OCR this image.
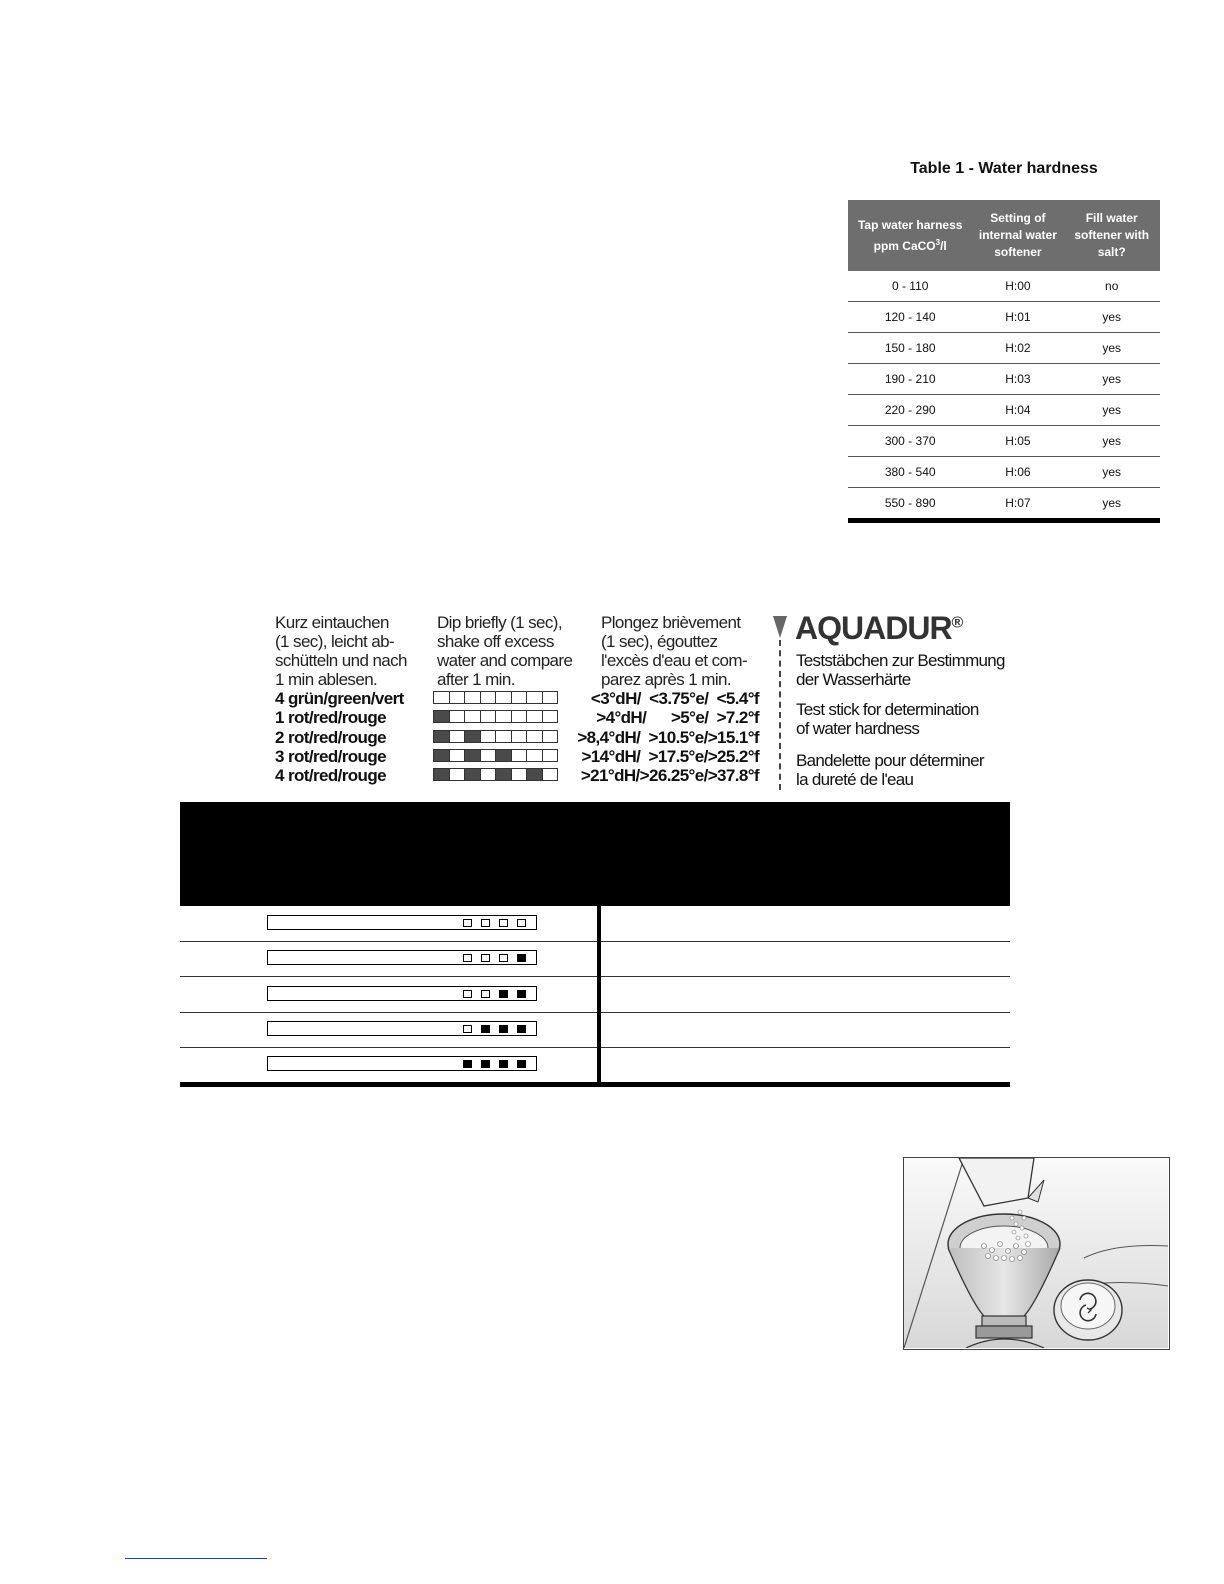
Table 1 - Water hardness
Tap water harness
ppm CaCO$^3$/l	Setting of internal water softener	Fill water softener with salt?
0 - 110	H:00	no
120 - 140	H:01	yes
150 - 180	H:02	yes
190 - 210	H:03	yes
220 - 290	H:04	yes
300 - 370	H:05	yes
380 - 540	H:06	yes
550 - 890	H:07	yes
Kurz eintauchen
(1 sec), leicht ab-
schütteln und nach
1 min ablesen.
Dip briefly (1 sec),
shake off excess
water and compare
after 1 min.
Plongez brièvement
(1 sec), égouttez
l'excès d'eau et com-
parez après 1 min.
4 grün/green/vert	<3°dH/  <3.75°e/  <5.4°f
1 rot/red/rouge	>4°dH/      >5°e/  >7.2°f
2 rot/red/rouge	>8,4°dH/  >10.5°e/>15.1°f
3 rot/red/rouge	>14°dH/  >17.5°e/>25.2°f
4 rot/red/rouge	>21°dH/>26.25°e/>37.8°f
AQUADUR®
Teststäbchen zur Bestimmung
der Wasserhärte
Test stick for determination
of water hardness
Bandelette pour déterminer
la dureté de l'eau
